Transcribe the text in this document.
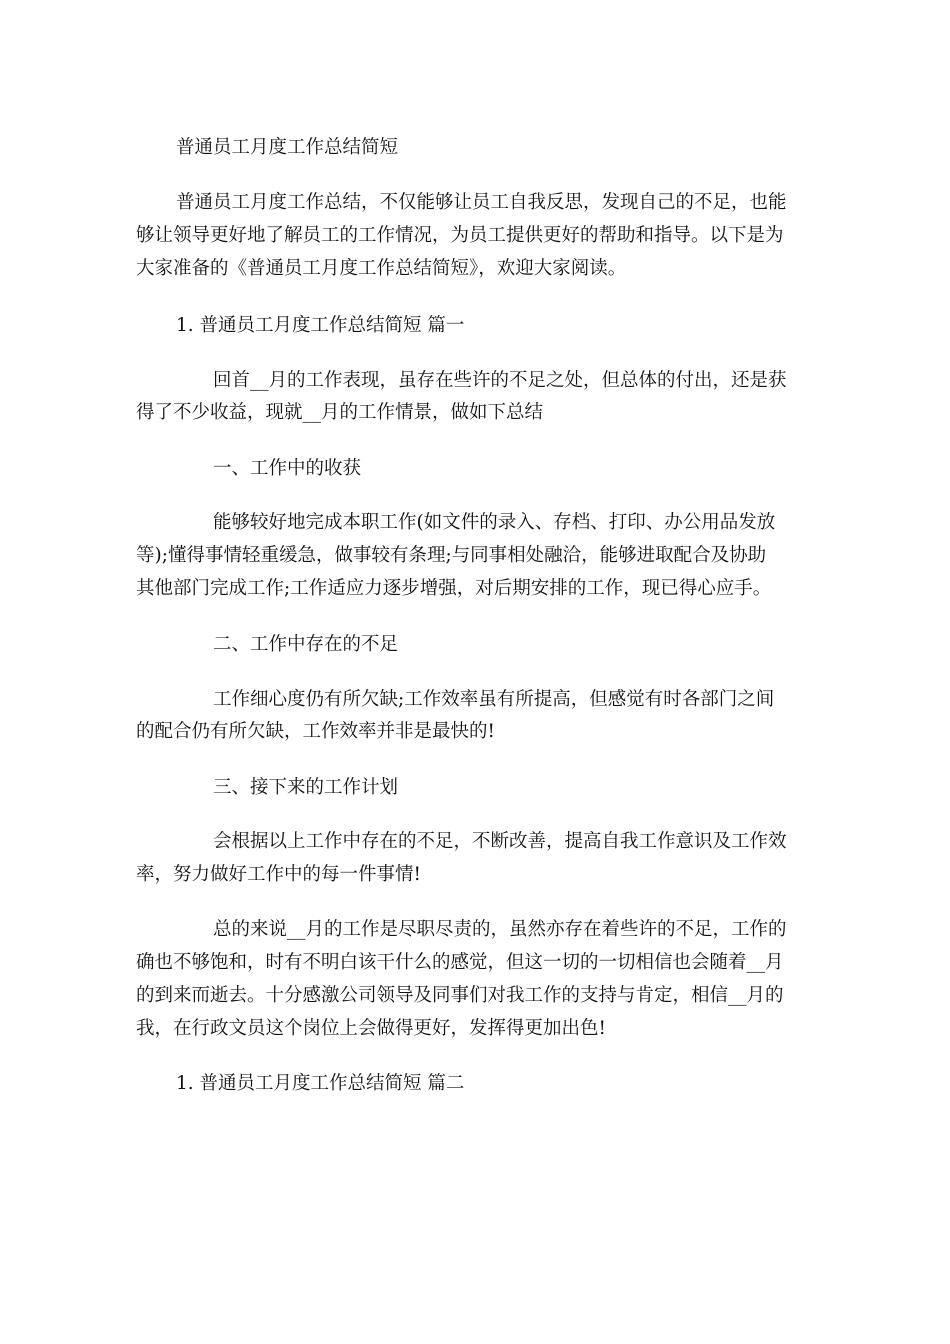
普通员工月度工作总结简短
普通员工月度工作总结，不仅能够让员工自我反思，发现自己的不足，也能
够让领导更好地了解员工的工作情况，为员工提供更好的帮助和指导。以下是为
大家准备的《普通员工月度工作总结简短》，欢迎大家阅读。
1. 普通员工月度工作总结简短 篇一
回首__月的工作表现，虽存在些许的不足之处，但总体的付出，还是获
得了不少收益，现就__月的工作情景，做如下总结
一、工作中的收获
能够较好地完成本职工作(如文件的录入、存档、打印、办公用品发放
等);懂得事情轻重缓急，做事较有条理;与同事相处融洽，能够进取配合及协助
其他部门完成工作;工作适应力逐步增强，对后期安排的工作，现已得心应手。
二、工作中存在的不足
工作细心度仍有所欠缺;工作效率虽有所提高，但感觉有时各部门之间
的配合仍有所欠缺，工作效率并非是最快的!
三、接下来的工作计划
会根据以上工作中存在的不足，不断改善，提高自我工作意识及工作效
率，努力做好工作中的每一件事情!
总的来说__月的工作是尽职尽责的，虽然亦存在着些许的不足，工作的
确也不够饱和，时有不明白该干什么的感觉，但这一切的一切相信也会随着__月
的到来而逝去。十分感激公司领导及同事们对我工作的支持与肯定，相信__月的
我，在行政文员这个岗位上会做得更好，发挥得更加出色!
1. 普通员工月度工作总结简短 篇二
